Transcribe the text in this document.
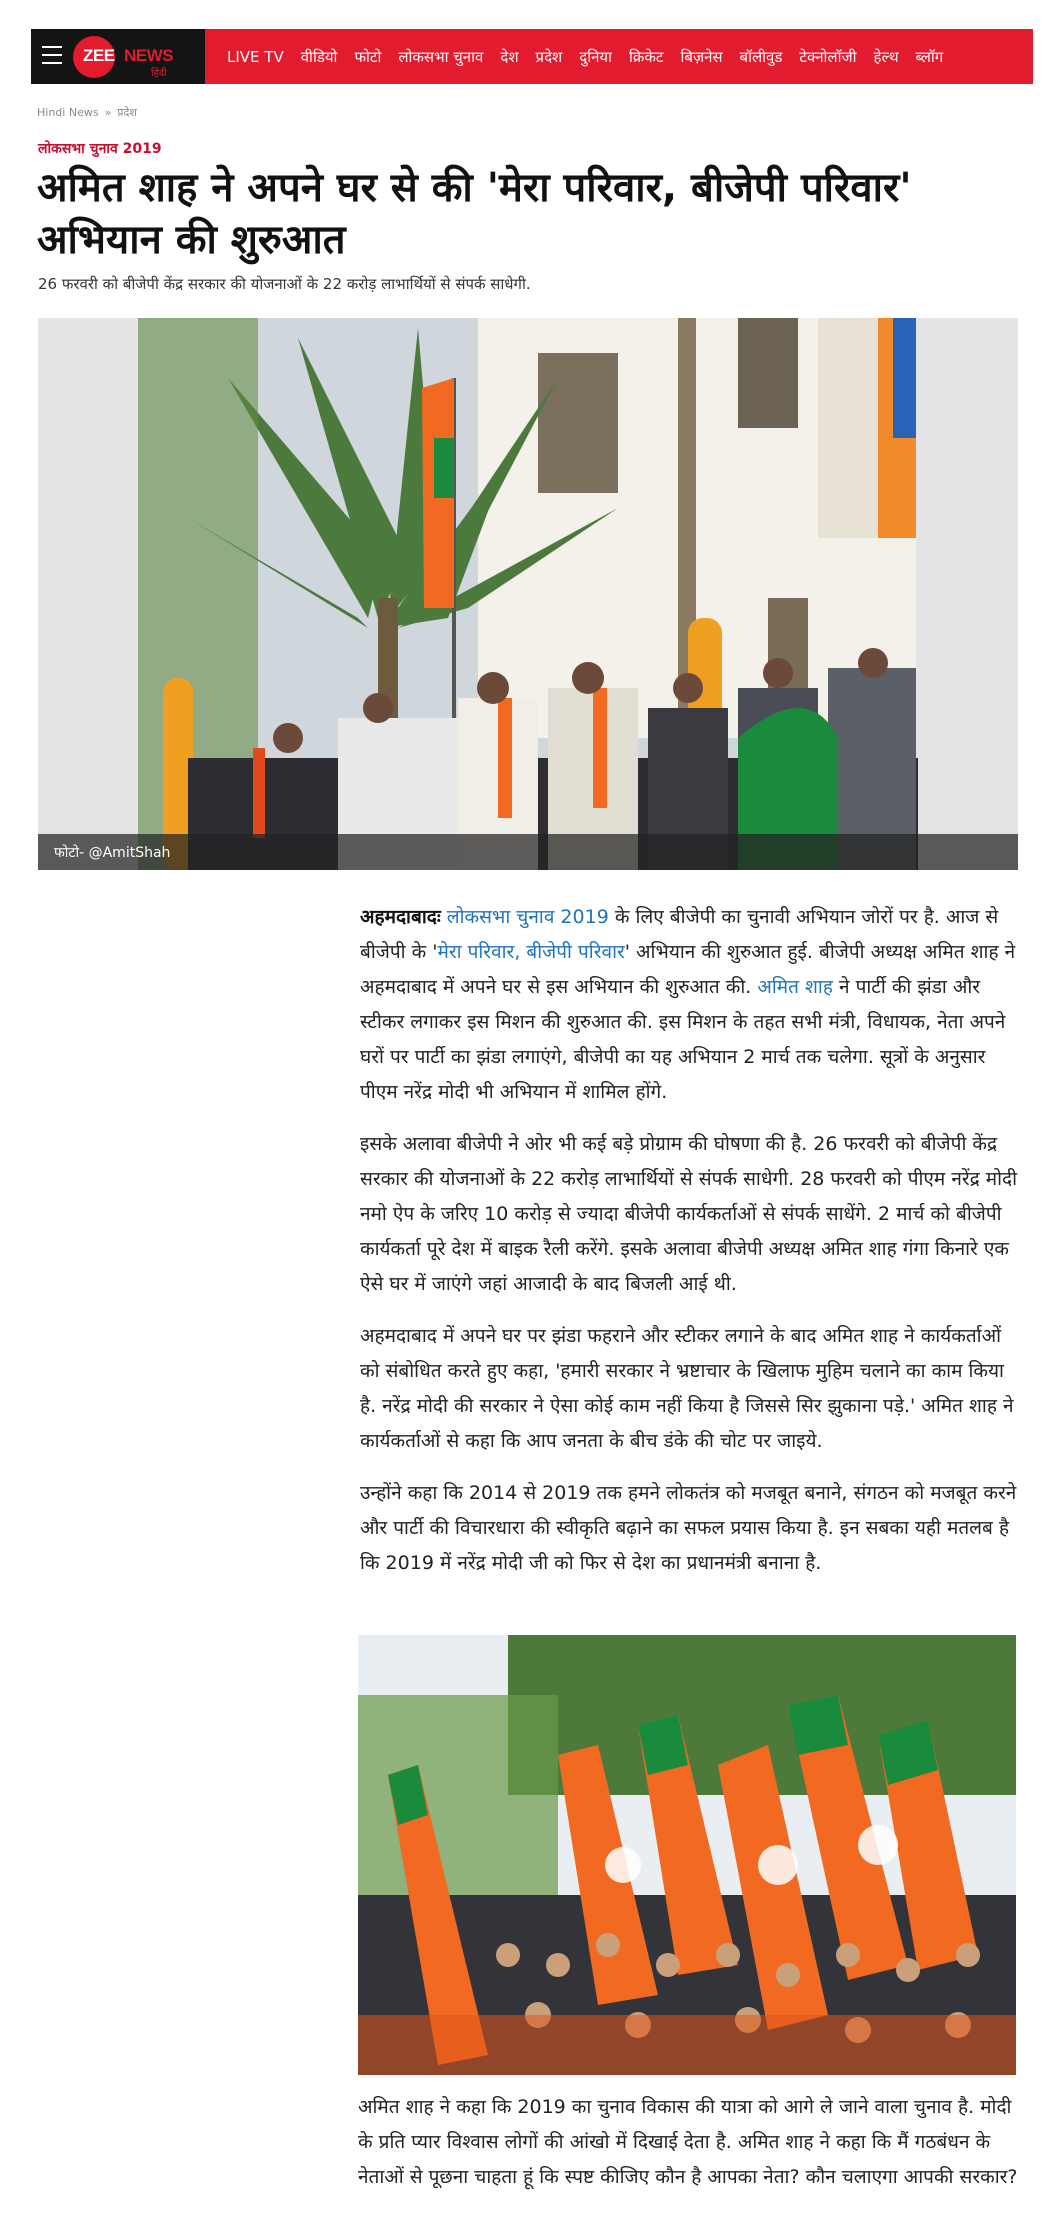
ZEE NEWS
हिंदी
LIVE TV वीडियो फोटो लोकसभा चुनाव देश प्रदेश दुनिया क्रिकेट बिज़नेस बॉलीवुड टेक्नोलॉजी हेल्थ ब्लॉग
Hindi News » प्रदेश
लोकसभा चुनाव 2019
अमित शाह ने अपने घर से की 'मेरा परिवार, बीजेपी परिवार' अभियान की शुरुआत
26 फरवरी को बीजेपी केंद्र सरकार की योजनाओं के 22 करोड़ लाभार्थियों से संपर्क साधेगी.
फोटो- @AmitShah

अहमदाबादः लोकसभा चुनाव 2019 के लिए बीजेपी का चुनावी अभियान जोरों पर है. आज से बीजेपी के 'मेरा परिवार, बीजेपी परिवार' अभियान की शुरुआत हुई. बीजेपी अध्यक्ष अमित शाह ने अहमदाबाद में अपने घर से इस अभियान की शुरुआत की. अमित शाह ने पार्टी की झंडा और स्टीकर लगाकर इस मिशन की शुरुआत की. इस मिशन के तहत सभी मंत्री, विधायक, नेता अपने घरों पर पार्टी का झंडा लगाएंगे, बीजेपी का यह अभियान 2 मार्च तक चलेगा. सूत्रों के अनुसार पीएम नरेंद्र मोदी भी अभियान में शामिल होंगे.

इसके अलावा बीजेपी ने ओर भी कई बड़े प्रोग्राम की घोषणा की है. 26 फरवरी को बीजेपी केंद्र सरकार की योजनाओं के 22 करोड़ लाभार्थियों से संपर्क साधेगी. 28 फरवरी को पीएम नरेंद्र मोदी नमो ऐप के जरिए 10 करोड़ से ज्यादा बीजेपी कार्यकर्ताओं से संपर्क साधेंगे. 2 मार्च को बीजेपी कार्यकर्ता पूरे देश में बाइक रैली करेंगे. इसके अलावा बीजेपी अध्यक्ष अमित शाह गंगा किनारे एक ऐसे घर में जाएंगे जहां आजादी के बाद बिजली आई थी.

अहमदाबाद में अपने घर पर झंडा फहराने और स्टीकर लगाने के बाद अमित शाह ने कार्यकर्ताओं को संबोधित करते हुए कहा, 'हमारी सरकार ने भ्रष्टाचार के खिलाफ मुहिम चलाने का काम किया है. नरेंद्र मोदी की सरकार ने ऐसा कोई काम नहीं किया है जिससे सिर झुकाना पड़े.' अमित शाह ने कार्यकर्ताओं से कहा कि आप जनता के बीच डंके की चोट पर जाइये.

उन्होंने कहा कि 2014 से 2019 तक हमने लोकतंत्र को मजबूत बनाने, संगठन को मजबूत करने और पार्टी की विचारधारा की स्वीकृति बढ़ाने का सफल प्रयास किया है. इन सबका यही मतलब है कि 2019 में नरेंद्र मोदी जी को फिर से देश का प्रधानमंत्री बनाना है.

अमित शाह ने कहा कि 2019 का चुनाव विकास की यात्रा को आगे ले जाने वाला चुनाव है. मोदी के प्रति प्यार विश्वास लोगों की आंखो में दिखाई देता है. अमित शाह ने कहा कि मैं गठबंधन के नेताओं से पूछना चाहता हूं कि स्पष्ट कीजिए कौन है आपका नेता? कौन चलाएगा आपकी सरकार?
